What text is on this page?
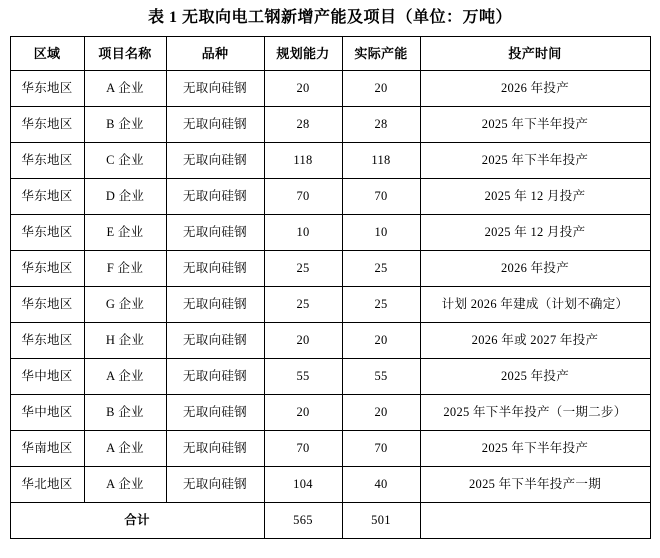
表 1 无取向电工钢新增产能及项目（单位：万吨）
区域	项目名称	品种	规划能力	实际产能	投产时间
华东地区	A 企业	无取向硅钢	20	20	2026 年投产
华东地区	B 企业	无取向硅钢	28	28	2025 年下半年投产
华东地区	C 企业	无取向硅钢	118	118	2025 年下半年投产
华东地区	D 企业	无取向硅钢	70	70	2025 年 12 月投产
华东地区	E 企业	无取向硅钢	10	10	2025 年 12 月投产
华东地区	F 企业	无取向硅钢	25	25	2026 年投产
华东地区	G 企业	无取向硅钢	25	25	计划 2026 年建成（计划不确定）
华东地区	H 企业	无取向硅钢	20	20	2026 年或 2027 年投产
华中地区	A 企业	无取向硅钢	55	55	2025 年投产
华中地区	B 企业	无取向硅钢	20	20	2025 年下半年投产（一期二步）
华南地区	A 企业	无取向硅钢	70	70	2025 年下半年投产
华北地区	A 企业	无取向硅钢	104	40	2025 年下半年投产一期
合计			565	501	
